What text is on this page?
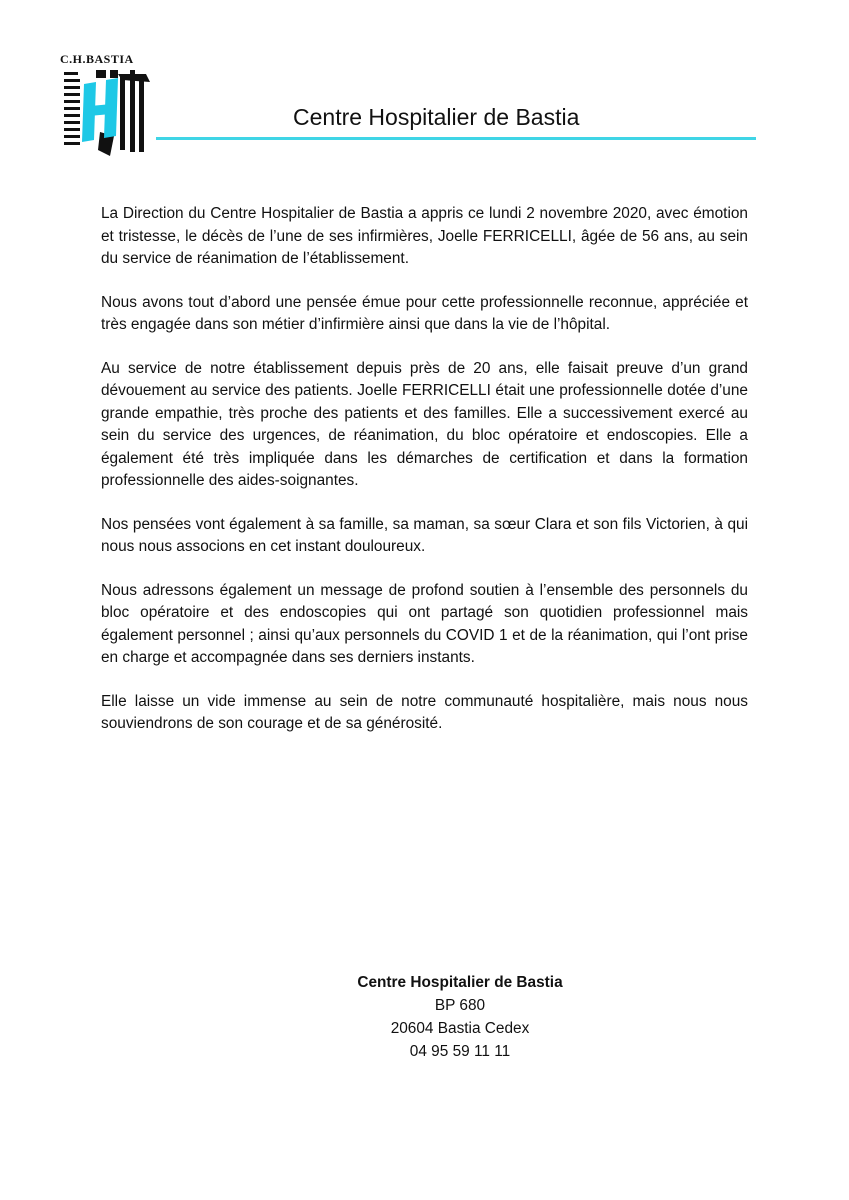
C.H.BASTIA
Centre Hospitalier de Bastia

La Direction du Centre Hospitalier de Bastia a appris ce lundi 2 novembre 2020, avec émotion et tristesse, le décès de l’une de ses infirmières, Joelle FERRICELLI, âgée de 56 ans, au sein du service de réanimation de l’établissement.

Nous avons tout d’abord une pensée émue pour cette professionnelle reconnue, appréciée et très engagée dans son métier d’infirmière ainsi que dans la vie de l’hôpital.

Au service de notre établissement depuis près de 20 ans, elle faisait preuve d’un grand dévouement au service des patients. Joelle FERRICELLI était une professionnelle dotée d’une grande empathie, très proche des patients et des familles. Elle a successivement exercé au sein du service des urgences, de réanimation, du bloc opératoire et endoscopies. Elle a également été très impliquée dans les démarches de certification et dans la formation professionnelle des aides-soignantes.

Nos pensées vont également à sa famille, sa maman, sa sœur Clara et son fils Victorien, à qui nous nous associons en cet instant douloureux.

Nous adressons également un message de profond soutien à l’ensemble des personnels du bloc opératoire et des endoscopies qui ont partagé son quotidien professionnel mais également personnel ; ainsi qu’aux personnels du COVID 1 et de la réanimation, qui l’ont prise en charge et accompagnée dans ses derniers instants.

Elle laisse un vide immense au sein de notre communauté hospitalière, mais nous nous souviendrons de son courage et de sa générosité.

Centre Hospitalier de Bastia
BP 680
20604 Bastia Cedex
04 95 59 11 11
